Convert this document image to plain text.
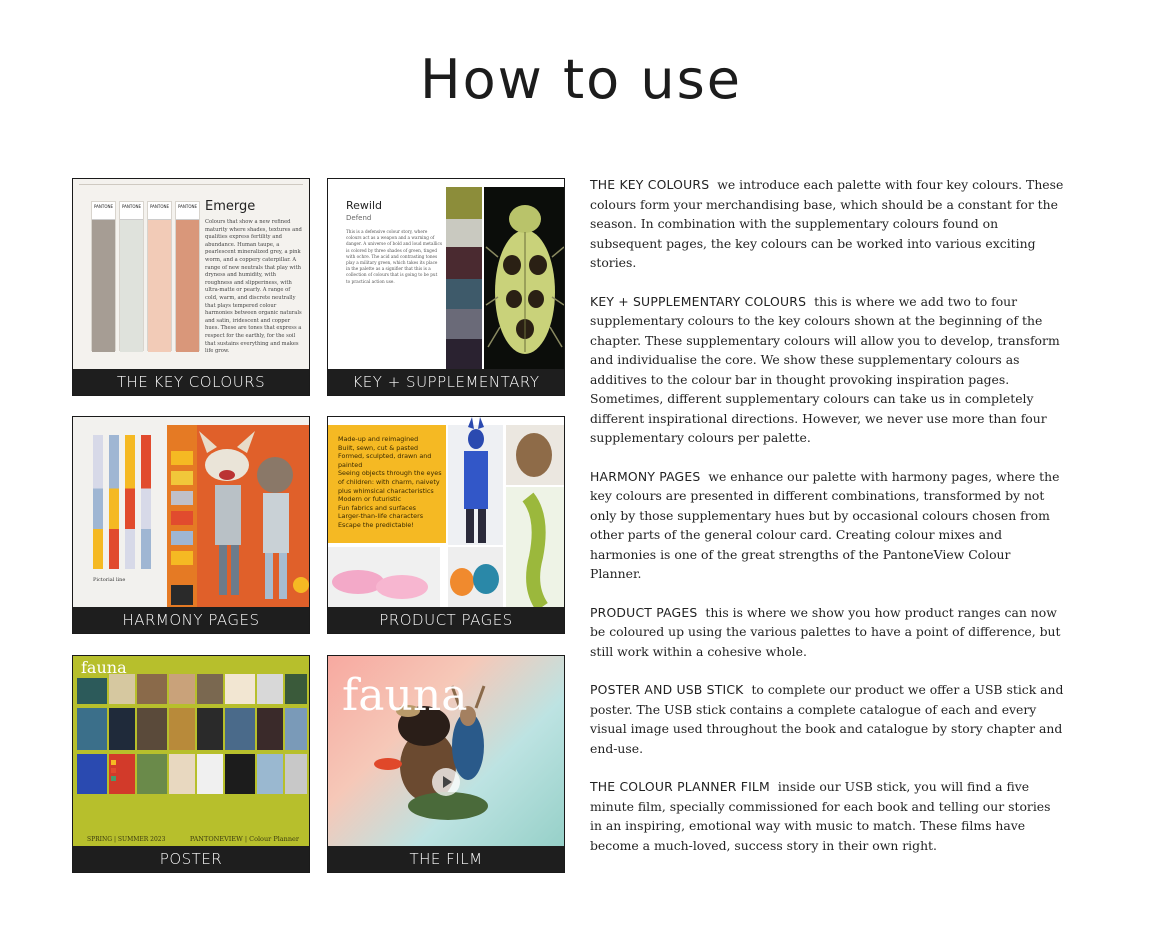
How to use
PANTONE	PANTONE	PANTONE	PANTONE Emerge
Colours that show a new refined maturity where shades, textures and qualities express fertility and abundance. Human taupe, a pearlescent mineralized grey, a pink worm, and a coppery caterpillar. A range of new neutrals that play with dryness and humidity, with roughness and slipperiness, with ultra-matte or pearly. A range of cold, warm, and discrete neutrally that plays tempered colour harmonies between organic naturals and satin, iridescent and copper hues. These are tones that express a respect for the earthly, for the soil that sustains everything and makes life grow.
THE KEY COLOURS
Rewild
Defend
This is a defensive colour story, where colours act as a weapon and a warning of danger. A universe of bold and loud metallics is colored by three shades of green, tinged with ochre. The acid and contrasting tones play a military green, which takes its place in the palette as a signifier that this is a collection of colours that is going to be put to practical action use.
KEY + SUPPLEMENTARY
Pictorial line
HARMONY PAGES
Made-up and reimagined
Built, sewn, cut & pasted
Formed, sculpted, drawn and painted
Seeing objects through the eyes of children: with charm, naivety plus whimsical characteristics
Modern or futuristic
Fun fabrics and surfaces
Larger-than-life characters
Escape the predictable!
PRODUCT PAGES
fauna
SPRING | SUMMER 2023	PANTONEVIEW | Colour Planner
POSTER
fauna
THE FILM

THE KEY COLOURS we introduce each palette with four key colours. These colours form your merchandising base, which should be a constant for the season. In combination with the supplementary colours found on subsequent pages, the key colours can be worked into various exciting stories.

KEY + SUPPLEMENTARY COLOURS this is where we add two to four supplementary colours to the key colours shown at the beginning of the chapter. These supplementary colours will allow you to develop, transform and individualise the core. We show these supplementary colours as additives to the colour bar in thought provoking inspiration pages. Sometimes, different supplementary colours can take us in completely different inspirational directions. However, we never use more than four supplementary colours per palette.

HARMONY PAGES we enhance our palette with harmony pages, where the key colours are presented in different combinations, transformed by not only by those supplementary hues but by occasional colours chosen from other parts of the general colour card. Creating colour mixes and harmonies is one of the great strengths of the PantoneView Colour Planner.

PRODUCT PAGES this is where we show you how product ranges can now be coloured up using the various palettes to have a point of difference, but still work within a cohesive whole.

POSTER AND USB STICK to complete our product we offer a USB stick and poster. The USB stick contains a complete catalogue of each and every visual image used throughout the book and catalogue by story chapter and end-use.

THE COLOUR PLANNER FILM inside our USB stick, you will find a five minute film, specially commissioned for each book and telling our stories in an inspiring, emotional way with music to match. These films have become a much-loved, success story in their own right.
